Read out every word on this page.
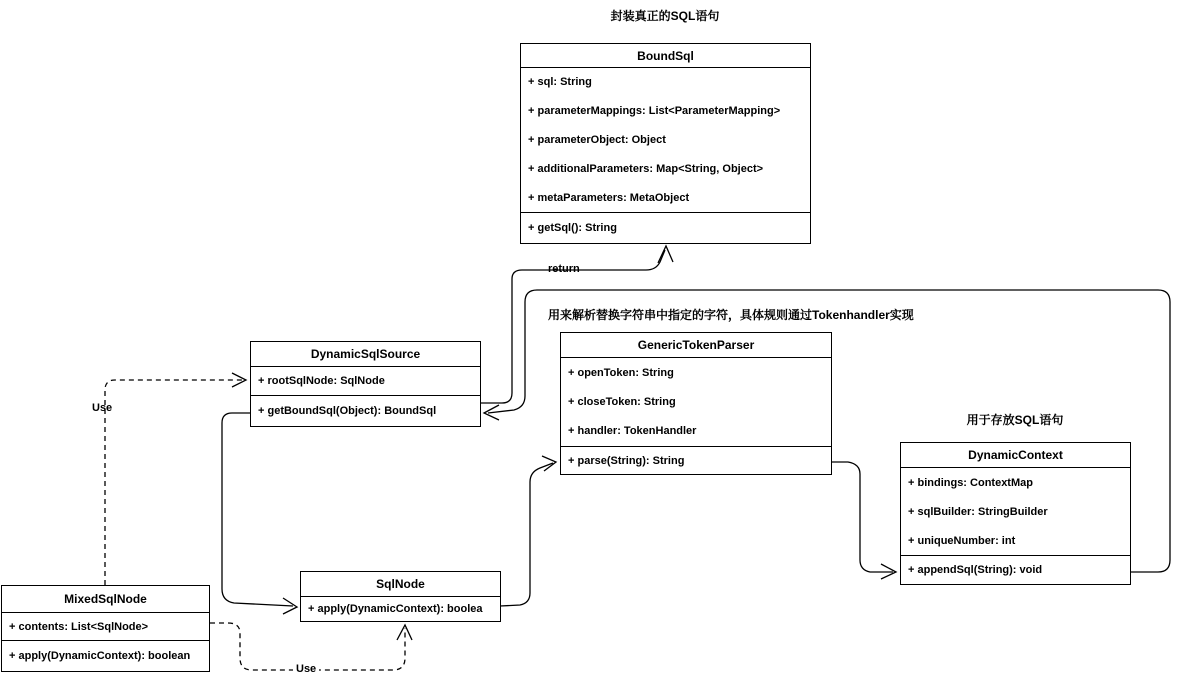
封装真正的SQL语句
用来解析替换字符串中指定的字符，具体规则通过Tokenhandler实现
用于存放SQL语句
return
Use
Use
BoundSql
+ sql: String
+ parameterMappings: List<ParameterMapping>
+ parameterObject: Object
+ additionalParameters: Map<String, Object>
+ metaParameters: MetaObject
+ getSql(): String
DynamicSqlSource
+ rootSqlNode: SqlNode
+ getBoundSql(Object): BoundSql
GenericTokenParser
+ openToken: String
+ closeToken: String
+ handler: TokenHandler
+ parse(String): String	DynamicContext
+ bindings: ContextMap
+ sqlBuilder: StringBuilder
+ uniqueNumber: int
+ appendSql(String): void
SqlNode
+ apply(DynamicContext): boolea
MixedSqlNode
+ contents: List<SqlNode>
+ apply(DynamicContext): boolean
